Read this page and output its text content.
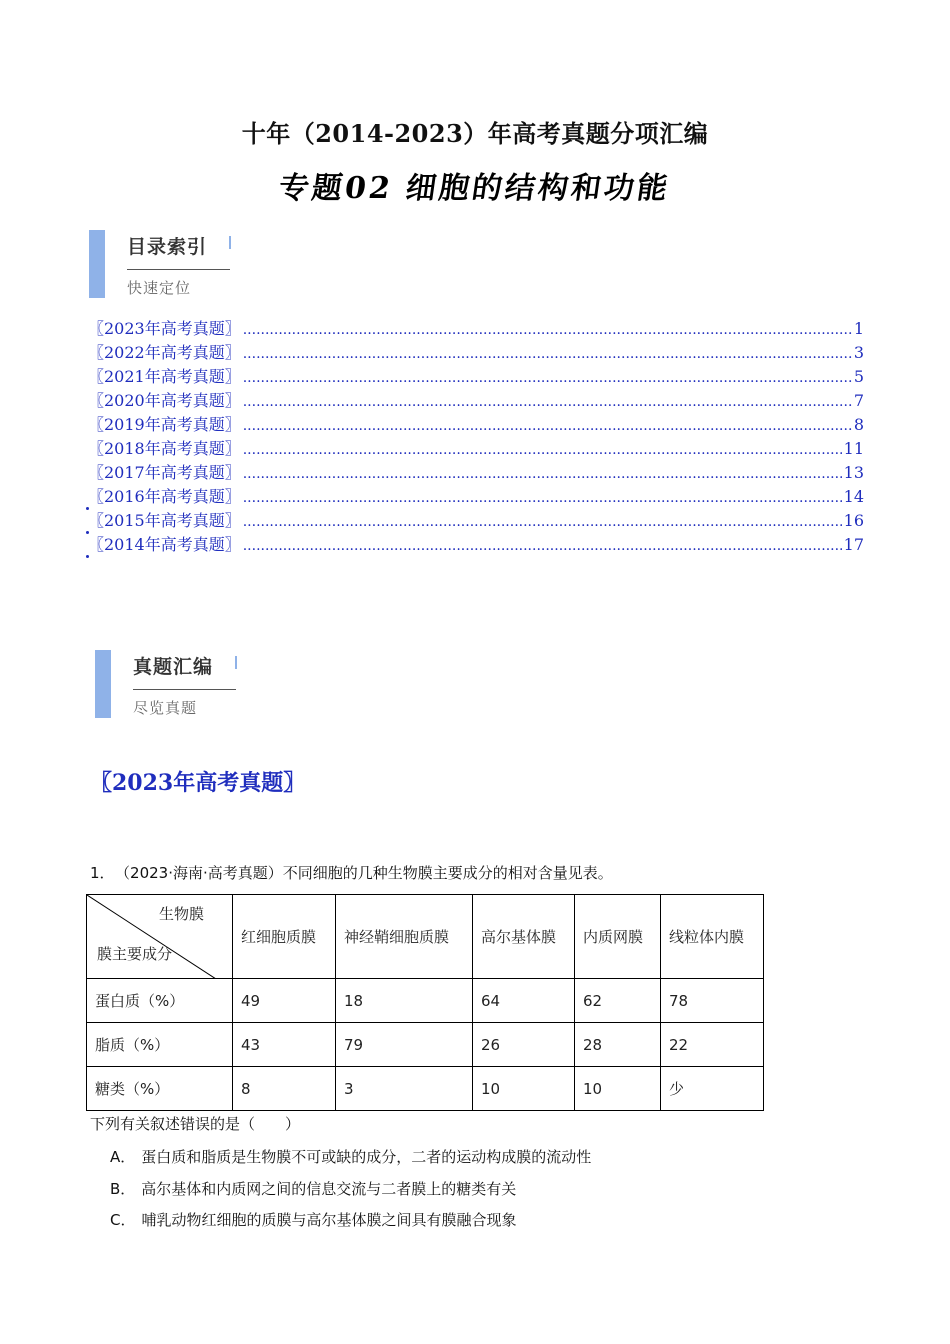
十年（2014-2023）年高考真题分项汇编
专题02 细胞的结构和功能
目录索引
快速定位
〖2023年高考真题〗 .....	1
〖2022年高考真题〗 .....	3
〖2021年高考真题〗 .....	5
〖2020年高考真题〗 .....	7
〖2019年高考真题〗 .....	8
〖2018年高考真题〗 .....	11
〖2017年高考真题〗 .....	13
〖2016年高考真题〗 .....	14
〖2015年高考真题〗 .....	16
〖2014年高考真题〗 .....	17
真题汇编
尽览真题
〖2023年高考真题〗
1． （2023·海南·高考真题）不同细胞的几种生物膜主要成分的相对含量见表。
生物膜
膜主要成分	红细胞质膜	神经鞘细胞质膜	高尔基体膜	内质网膜	线粒体内膜
蛋白质（%）	49	18	64	62	78
脂质（%）	43	79	26	28	22
糖类（%）	8	3	10	10	少
下列有关叙述错误的是（　　）
A． 蛋白质和脂质是生物膜不可或缺的成分，二者的运动构成膜的流动性
B． 高尔基体和内质网之间的信息交流与二者膜上的糖类有关
C． 哺乳动物红细胞的质膜与高尔基体膜之间具有膜融合现象
